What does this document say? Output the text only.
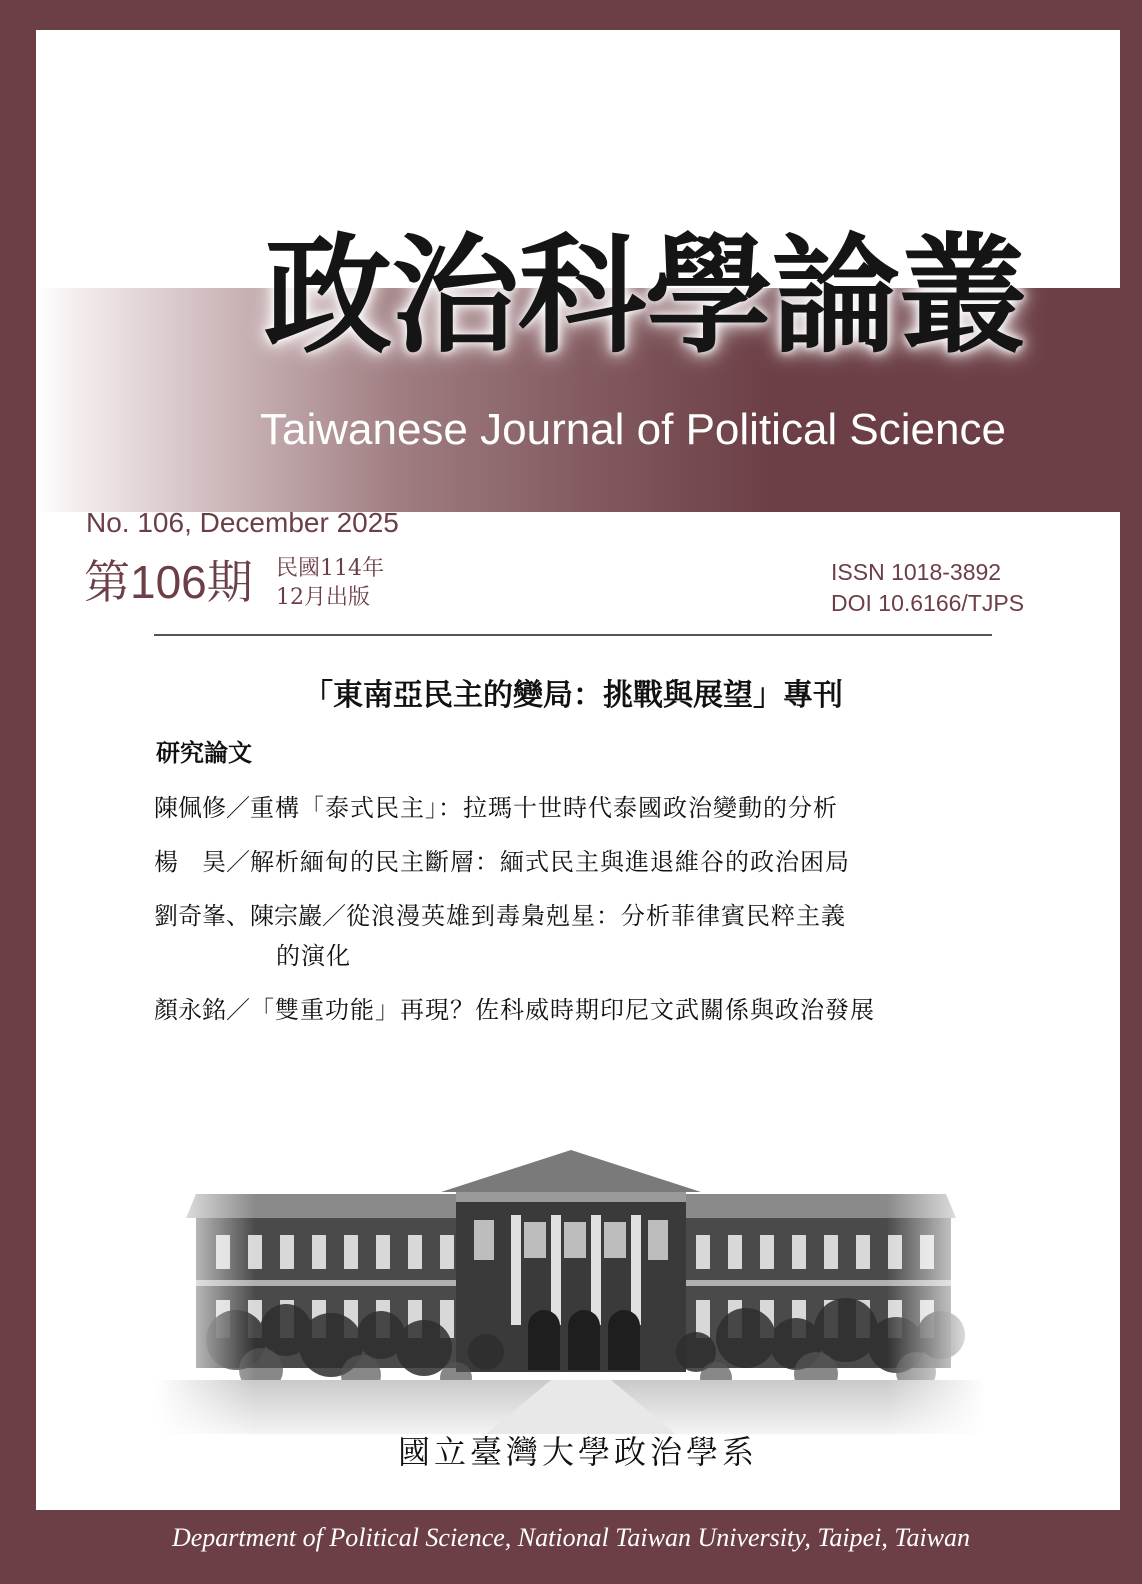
政治科學論叢
Taiwanese Journal of Political Science
No. 106, December 2025
第106期 民國114年
12月出版
ISSN 1018-3892
DOI 10.6166/TJPS
「東南亞民主的變局：挑戰與展望」專刊
研究論文
陳佩修／重構「泰式民主」：拉瑪十世時代泰國政治變動的分析
楊　昊／解析緬甸的民主斷層：緬式民主與進退維谷的政治困局
劉奇峯、陳宗巖／從浪漫英雄到毒梟剋星：分析菲律賓民粹主義
的演化
顏永銘／「雙重功能」再現？佐科威時期印尼文武關係與政治發展
國立臺灣大學政治學系
Department of Political Science, National Taiwan University, Taipei, Taiwan
